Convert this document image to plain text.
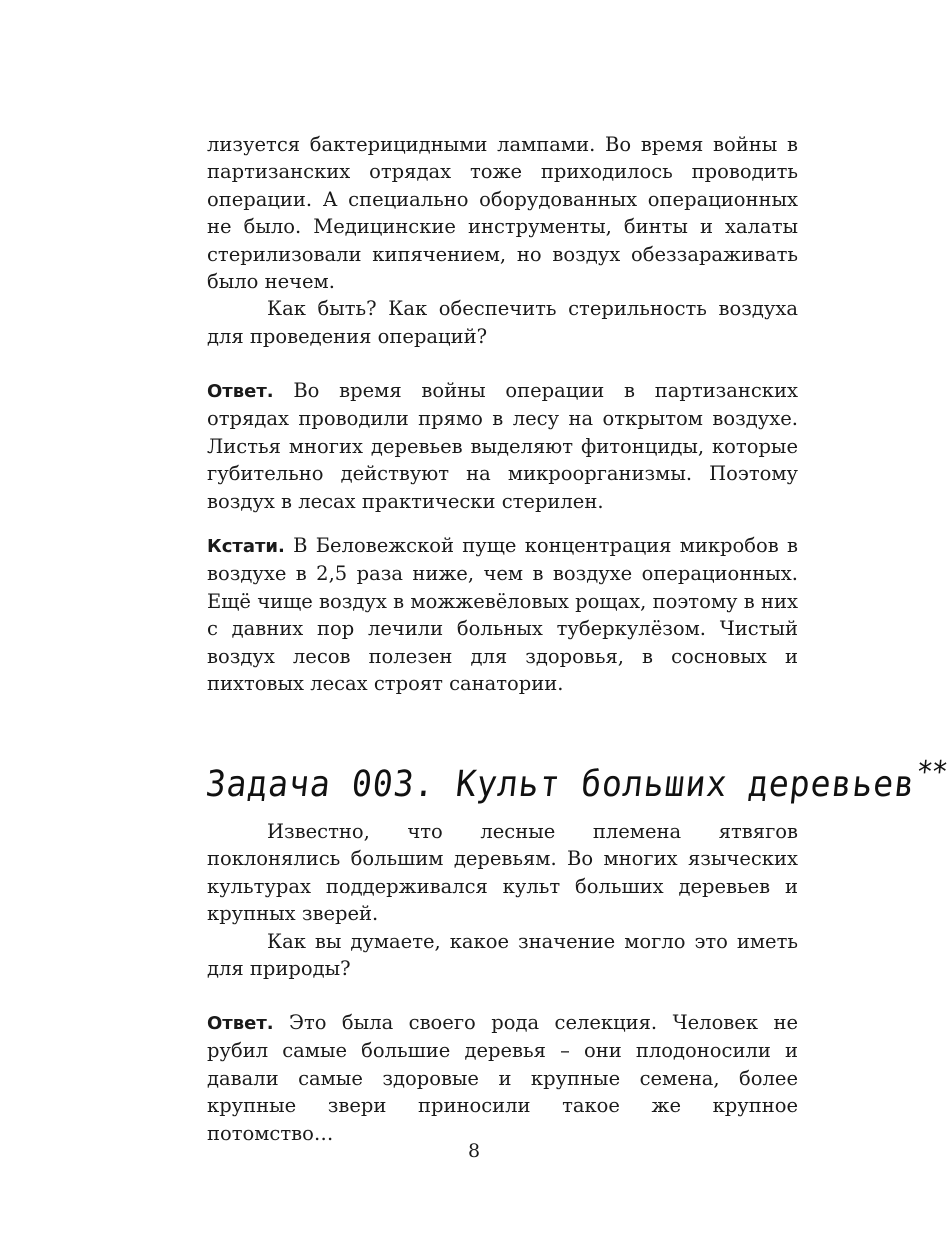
лизуется бактерицидными лампами. Во время войны в партизанских отрядах тоже приходилось проводить операции. А специально оборудованных операционных не было. Медицинские инструменты, бинты и халаты стерилизовали кипячением, но воздух обеззараживать было нечем.

Как быть? Как обеспечить стерильность воздуха для проведения операций?

Ответ. Во время войны операции в партизанских отрядах проводили прямо в лесу на открытом воздухе. Листья многих деревьев выделяют фитонциды, которые губительно действуют на микроорганизмы. Поэтому воздух в лесах практически стерилен.

Кстати. В Беловежской пуще концентрация микробов в воздухе в 2,5 раза ниже, чем в воздухе операционных. Ещё чище воздух в можжевёловых рощах, поэтому в них с давних пор лечили больных туберкулёзом. Чистый воздух лесов полезен для здоровья, в сосновых и пихтовых лесах строят санатории.

Задача 003. Культ больших деревьев**

Известно, что лесные племена ятвягов поклонялись большим деревьям. Во многих языческих культурах поддерживался культ больших деревьев и крупных зверей.

Как вы думаете, какое значение могло это иметь для природы?

Ответ. Это была своего рода селекция. Человек не рубил самые большие деревья – они плодоносили и давали самые здоровые и крупные семена, более крупные звери приносили такое же крупное потомство…

8
